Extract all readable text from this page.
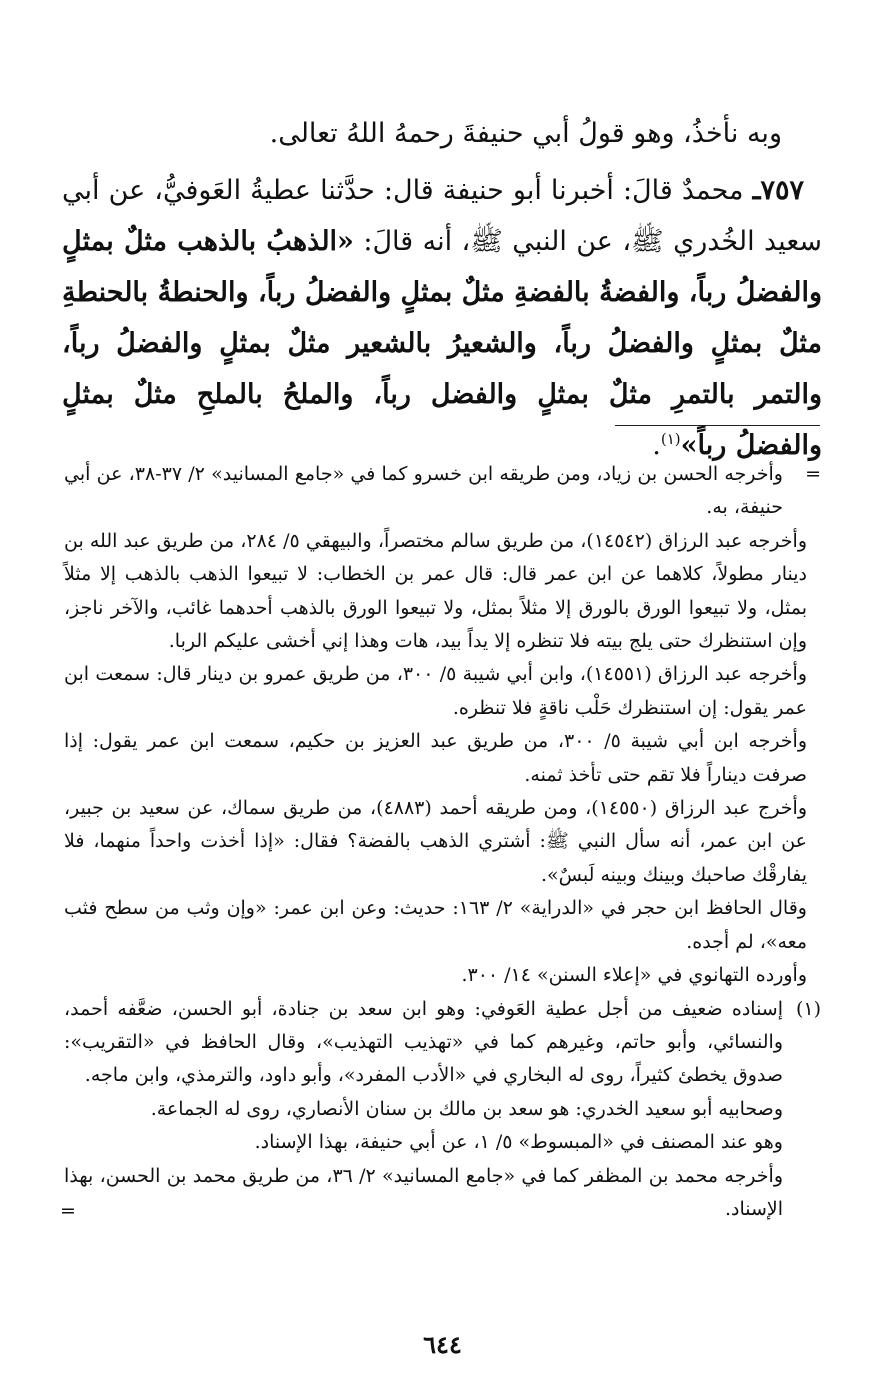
وبه نأخذُ، وهو قولُ أبي حنيفةَ رحمهُ اللهُ تعالى.

٧٥٧ـ محمدٌ قالَ: أخبرنا أبو حنيفة قال: حدَّثنا عطيةُ العَوفيُّ، عن أبي سعيد الخُدري ﷺ، عن النبي ﷺ، أنه قالَ: «الذهبُ بالذهب مثلٌ بمثلٍ والفضلُ رباً، والفضةُ بالفضةِ مثلٌ بمثلٍ والفضلُ رباً، والحنطةُ بالحنطةِ مثلٌ بمثلٍ والفضلُ رباً، والشعيرُ بالشعير مثلٌ بمثلٍ والفضلُ رباً، والتمر بالتمرِ مثلٌ بمثلٍ والفضل رباً، والملحُ بالملحِ مثلٌ بمثلٍ والفضلُ رباً»$^{(١)}$.

=
وأخرجه الحسن بن زياد، ومن طريقه ابن خسرو كما في «جامع المسانيد» ٢/ ٣٧-٣٨، عن أبي حنيفة، به.

وأخرجه عبد الرزاق (١٤٥٤٢)، من طريق سالم مختصراً، والبيهقي ٥/ ٢٨٤، من طريق عبد الله بن دينار مطولاً، كلاهما عن ابن عمر قال: قال عمر بن الخطاب: لا تبيعوا الذهب بالذهب إلا مثلاً بمثل، ولا تبيعوا الورق بالورق إلا مثلاً بمثل، ولا تبيعوا الورق بالذهب أحدهما غائب، والآخر ناجز، وإن استنظرك حتى يلج بيته فلا تنظره إلا يداً بيد، هات وهذا إني أخشى عليكم الربا.

وأخرجه عبد الرزاق (١٤٥٥١)، وابن أبي شيبة ٥/ ٣٠٠، من طريق عمرو بن دينار قال: سمعت ابن عمر يقول: إن استنظرك حَلْب ناقةٍ فلا تنظره.

وأخرجه ابن أبي شيبة ٥/ ٣٠٠، من طريق عبد العزيز بن حكيم، سمعت ابن عمر يقول: إذا صرفت ديناراً فلا تقم حتى تأخذ ثمنه.

وأخرج عبد الرزاق (١٤٥٥٠)، ومن طريقه أحمد (٤٨٨٣)، من طريق سماك، عن سعيد بن جبير، عن ابن عمر، أنه سأل النبي ﷺ: أشتري الذهب بالفضة؟ فقال: «إذا أخذت واحداً منهما، فلا يفارقْك صاحبك وبينك وبينه لَبسٌ».

وقال الحافظ ابن حجر في «الدراية» ٢/ ١٦٣: حديث: وعن ابن عمر: «وإن وثب من سطح فثب معه»، لم أجده.

وأورده التهانوي في «إعلاء السنن» ١٤/ ٣٠٠.

(١)
إسناده ضعيف من أجل عطية العَوفي: وهو ابن سعد بن جنادة، أبو الحسن، ضعَّفه أحمد، والنسائي، وأبو حاتم، وغيرهم كما في «تهذيب التهذيب»، وقال الحافظ في «التقريب»: صدوق يخطئ كثيراً، روى له البخاري في «الأدب المفرد»، وأبو داود، والترمذي، وابن ماجه.

وصحابيه أبو سعيد الخدري: هو سعد بن مالك بن سنان الأنصاري، روى له الجماعة.

وهو عند المصنف في «المبسوط» ٥/ ١، عن أبي حنيفة، بهذا الإسناد.

وأخرجه محمد بن المظفر كما في «جامع المسانيد» ٢/ ٣٦، من طريق محمد بن الحسن، بهذا الإسناد.
=

٦٤٤
